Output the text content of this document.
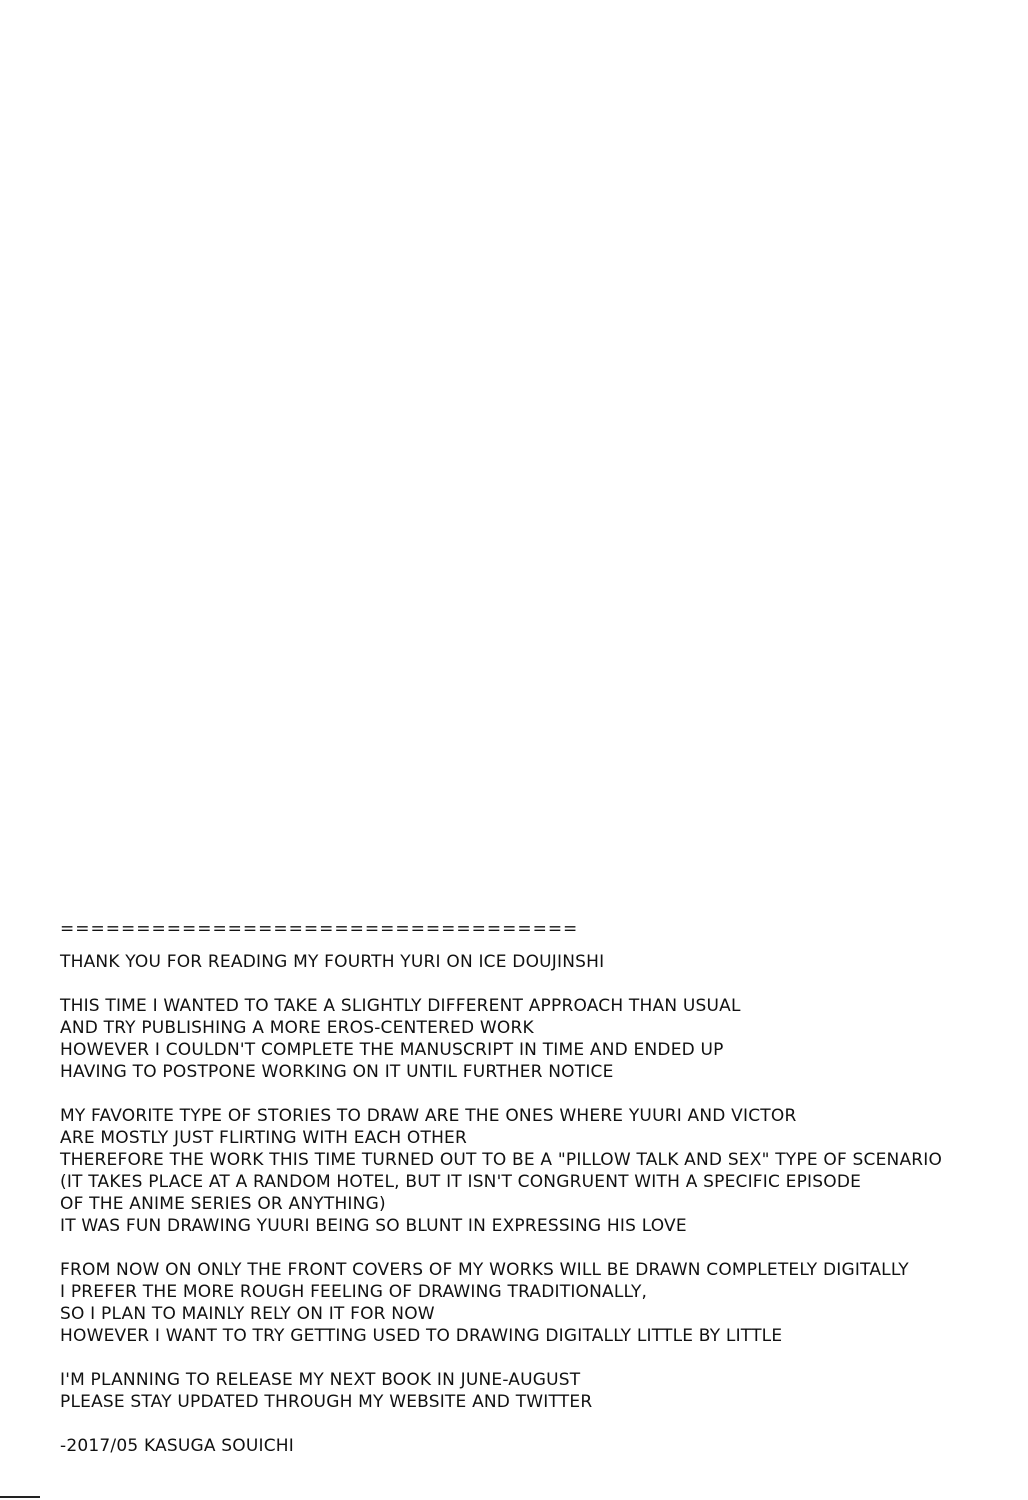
==================================
THANK YOU FOR READING MY FOURTH YURI ON ICE DOUJINSHI
THIS TIME I WANTED TO TAKE A SLIGHTLY DIFFERENT APPROACH THAN USUAL
AND TRY PUBLISHING A MORE EROS-CENTERED WORK
HOWEVER I COULDN'T COMPLETE THE MANUSCRIPT IN TIME AND ENDED UP
HAVING TO POSTPONE WORKING ON IT UNTIL FURTHER NOTICE
MY FAVORITE TYPE OF STORIES TO DRAW ARE THE ONES WHERE YUURI AND VICTOR
ARE MOSTLY JUST FLIRTING WITH EACH OTHER
THEREFORE THE WORK THIS TIME TURNED OUT TO BE A "PILLOW TALK AND SEX" TYPE OF SCENARIO
(IT TAKES PLACE AT A RANDOM HOTEL, BUT IT ISN'T CONGRUENT WITH A SPECIFIC EPISODE
OF THE ANIME SERIES OR ANYTHING)
IT WAS FUN DRAWING YUURI BEING SO BLUNT IN EXPRESSING HIS LOVE
FROM NOW ON ONLY THE FRONT COVERS OF MY WORKS WILL BE DRAWN COMPLETELY DIGITALLY
I PREFER THE MORE ROUGH FEELING OF DRAWING TRADITIONALLY,
SO I PLAN TO MAINLY RELY ON IT FOR NOW
HOWEVER I WANT TO TRY GETTING USED TO DRAWING DIGITALLY LITTLE BY LITTLE
I'M PLANNING TO RELEASE MY NEXT BOOK IN JUNE-AUGUST
PLEASE STAY UPDATED THROUGH MY WEBSITE AND TWITTER
-2017/05 KASUGA SOUICHI
